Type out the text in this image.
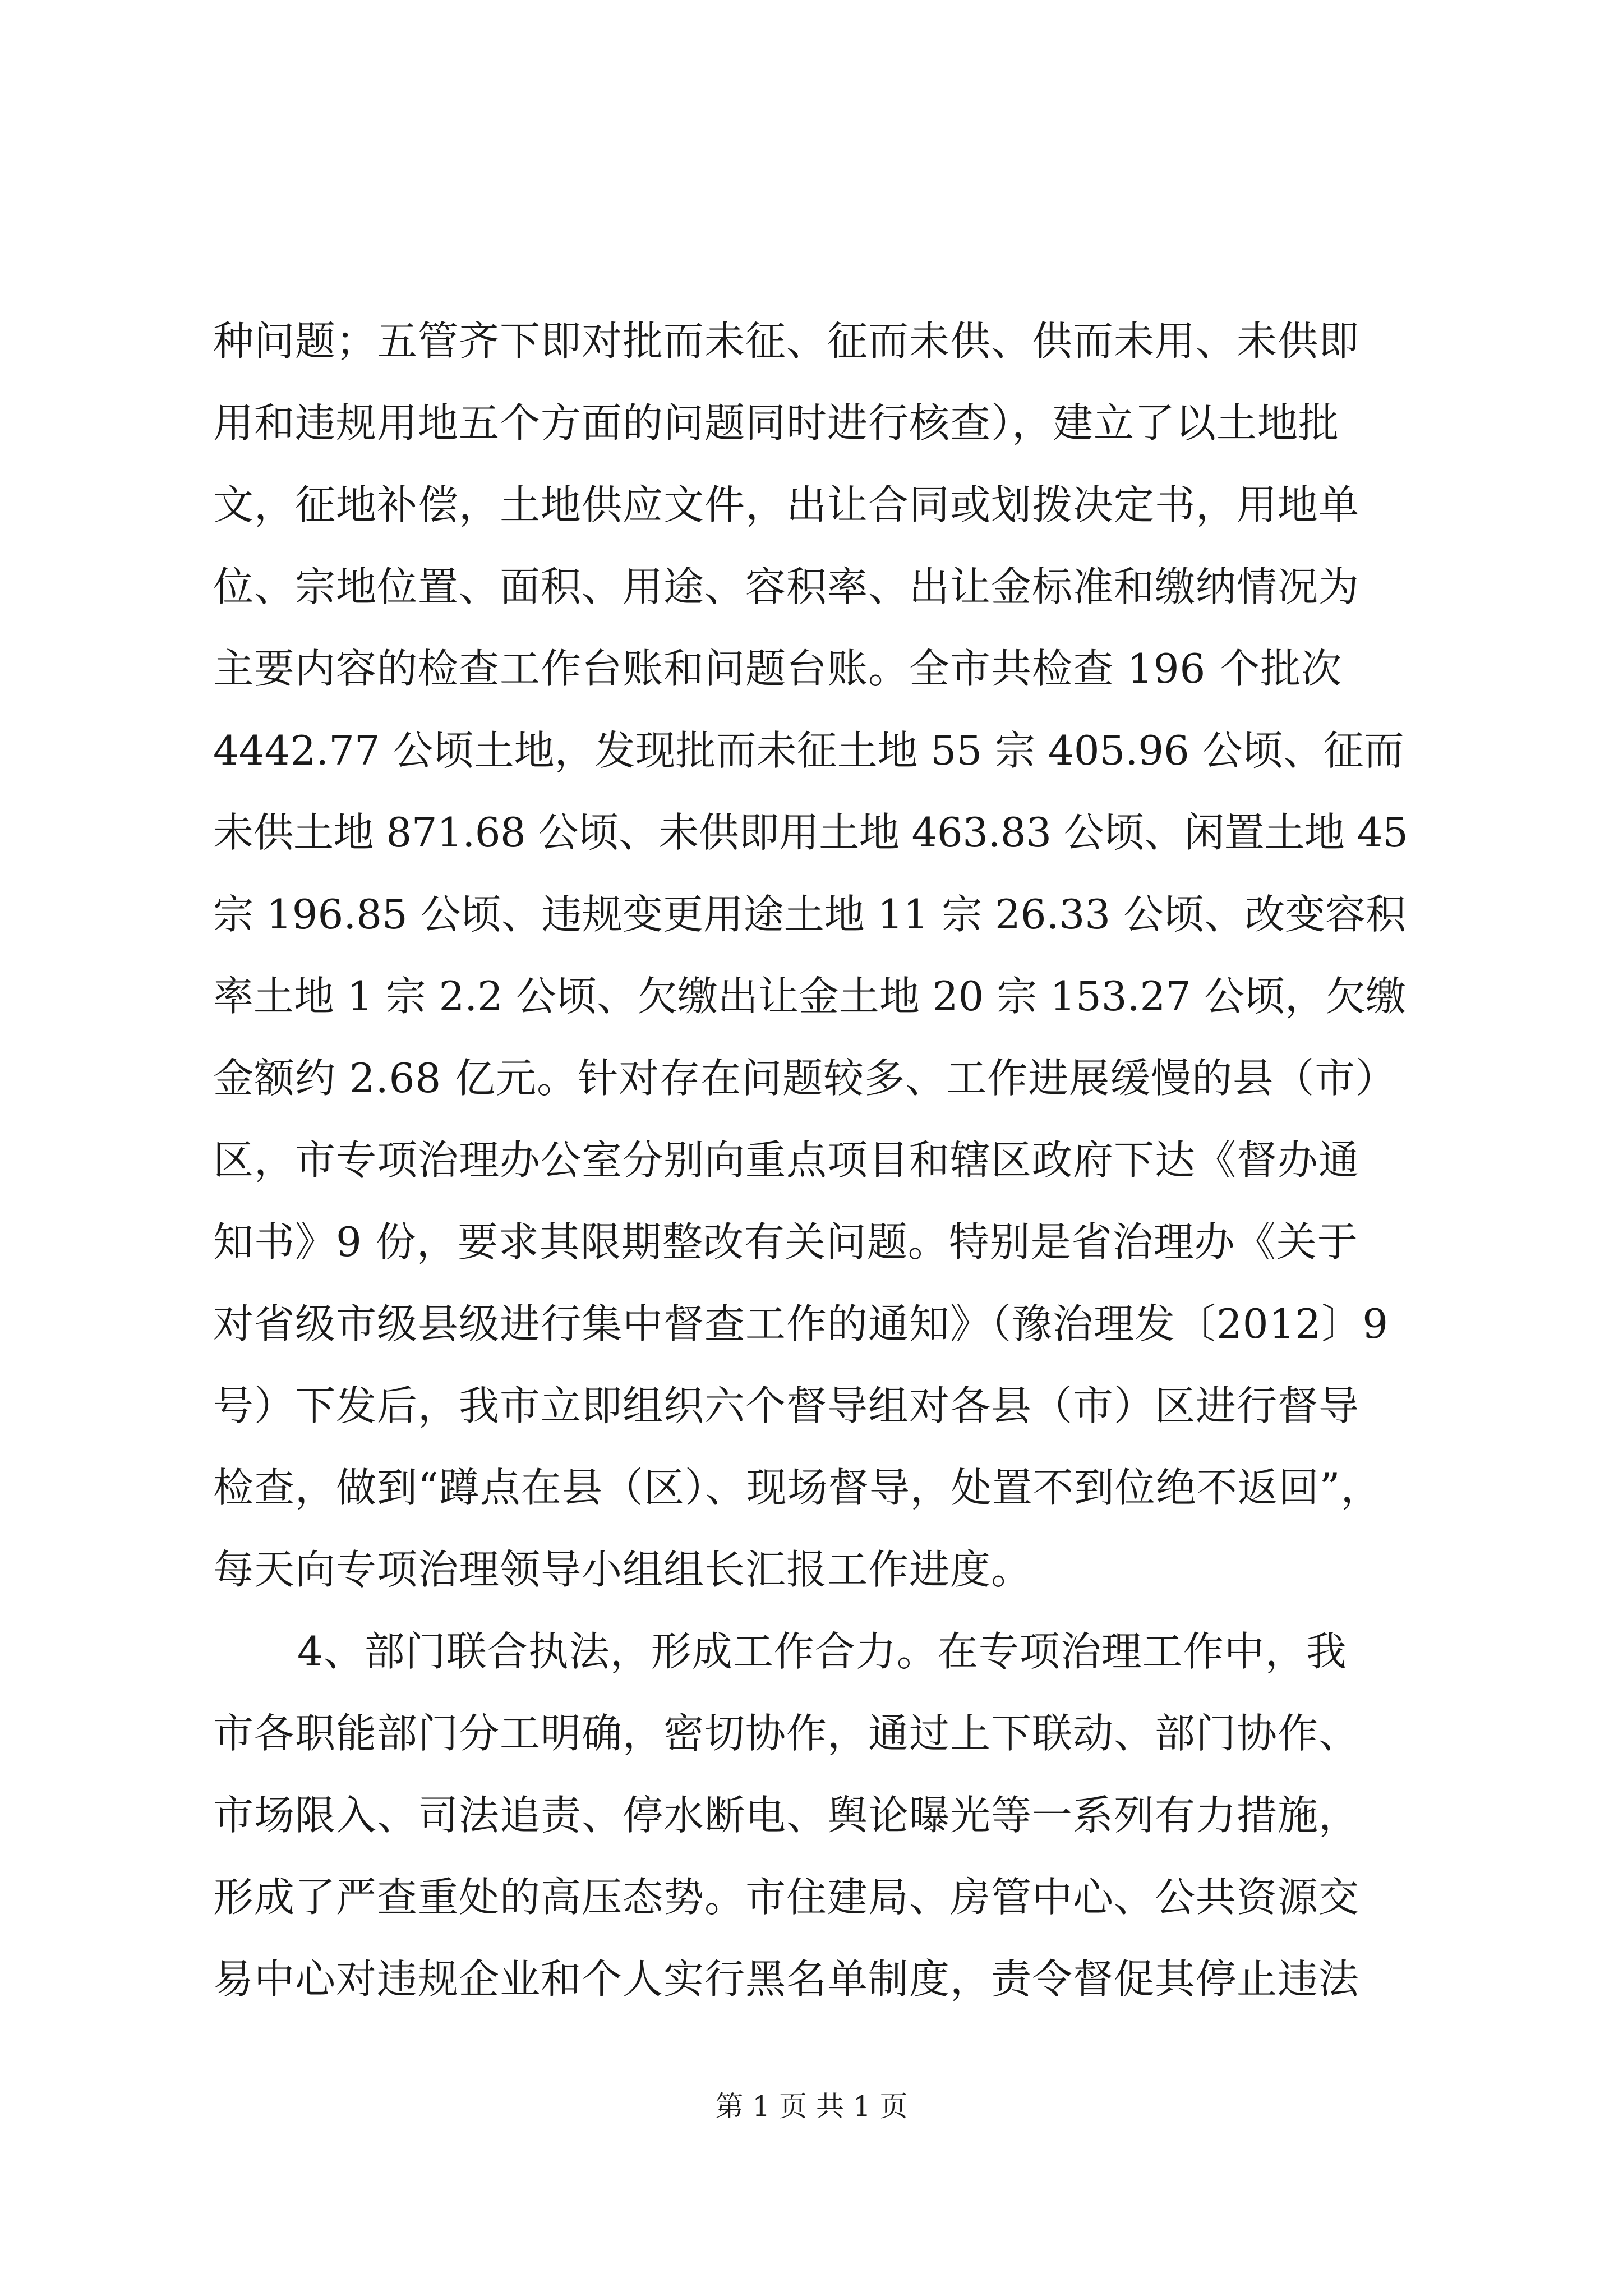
种问题；五管齐下即对批而未征、征而未供、供而未用、未供即
用和违规用地五个方面的问题同时进行核查），建立了以土地批
文，征地补偿，土地供应文件，出让合同或划拨决定书，用地单
位、宗地位置、面积、用途、容积率、出让金标准和缴纳情况为
主要内容的检查工作台账和问题台账。全市共检查 196 个批次
4442.77 公顷土地，发现批而未征土地 55 宗 405.96 公顷、征而
未供土地 871.68 公顷、未供即用土地 463.83 公顷、闲置土地 45
宗 196.85 公顷、违规变更用途土地 11 宗 26.33 公顷、改变容积
率土地 1 宗 2.2 公顷、欠缴出让金土地 20 宗 153.27 公顷，欠缴
金额约 2.68 亿元。针对存在问题较多、工作进展缓慢的县（市）
区，市专项治理办公室分别向重点项目和辖区政府下达《督办通
知书》9 份，要求其限期整改有关问题。特别是省治理办《关于
对省级市级县级进行集中督查工作的通知》（豫治理发〔2012〕9
号）下发后，我市立即组织六个督导组对各县（市）区进行督导
检查，做到“蹲点在县（区）、现场督导，处置不到位绝不返回”，
每天向专项治理领导小组组长汇报工作进度。
4、部门联合执法，形成工作合力。在专项治理工作中，我
市各职能部门分工明确，密切协作，通过上下联动、部门协作、
市场限入、司法追责、停水断电、舆论曝光等一系列有力措施，
形成了严查重处的高压态势。市住建局、房管中心、公共资源交
易中心对违规企业和个人实行黑名单制度，责令督促其停止违法
第 1 页 共 1 页
